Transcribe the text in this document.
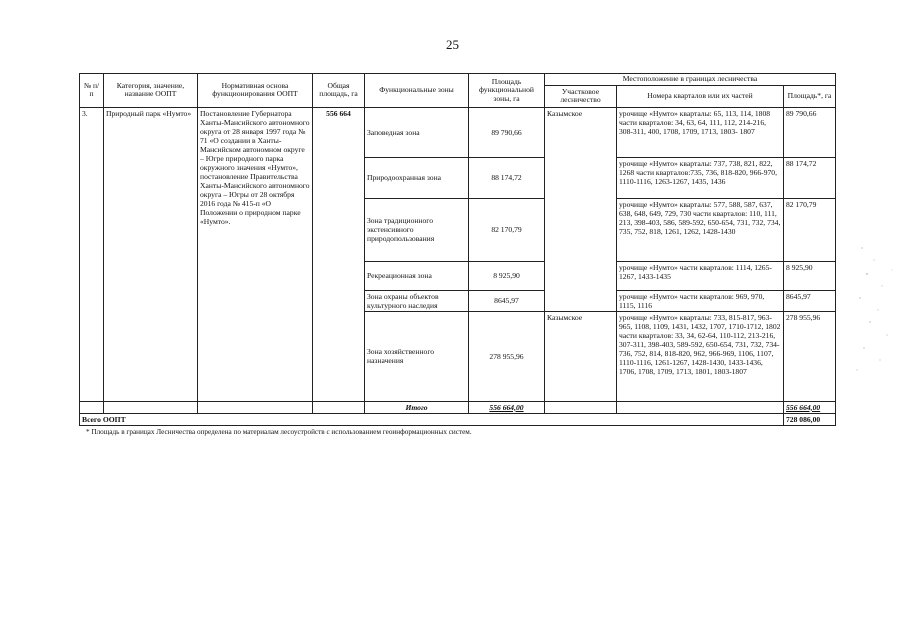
25
№ п/п	Категория, значение, название ООПТ	Нормативная основа функционирования ООПТ	Общая площадь, га	Функциональные зоны	Площадь функциональной зоны, га	Местоположение в границах лесничества		
						Участковое лесничество	Номера кварталов или их частей	Площадь*, га
3.	Природный парк «Нумто»	Постановление Губернатора Ханты-Мансийского автономного округа от 28 января 1997 года № 71 «О создании в Ханты-Мансийском автономном округе – Югре природного парка окружного значения «Нумто», постановление Правительства Ханты-Мансийского автономного округа – Югры от 28 октября 2016 года № 415-п «О Положении о природном парке «Нумто».	556 664	Заповедная зона	89 790,66	Казымское	урочище «Нумто» кварталы: 65, 113, 114, 1808 части кварталов: 34, 63, 64, 111, 112, 214-216, 308-311, 400, 1708, 1709, 1713, 1803- 1807	89 790,66
				Природоохранная зона	88 174,72		урочище «Нумто» кварталы: 737, 738, 821, 822, 1268 части кварталов:735, 736, 818-820, 966-970, 1110-1116, 1263-1267, 1435, 1436	88 174,72
				Зона традиционного экстенсивного природопользования	82 170,79		урочище «Нумто» кварталы: 577, 588, 587, 637, 638, 648, 649, 729, 730 части кварталов: 110, 111, 213, 398-403, 586, 589-592, 650-654, 731, 732, 734, 735, 752, 818, 1261, 1262, 1428-1430	82 170,79
				Рекреационная зона	8 925,90		урочище «Нумто» части кварталов: 1114, 1265-1267, 1433-1435	8 925,90
				Зона охраны объектов культурного наследия	8645,97		урочище «Нумто» части кварталов: 969, 970, 1115, 1116	8645,97
				Зона хозяйственного назначения	278 955,96	Казымское	урочище «Нумто» кварталы: 733, 815-817, 963-965, 1108, 1109, 1431, 1432, 1707, 1710-1712, 1802 части кварталов: 33, 34, 62-64, 110-112, 213-216, 307-311, 398-403, 589-592, 650-654, 731, 732, 734-736, 752, 814, 818-820, 962, 966-969, 1106, 1107, 1110-1116, 1261-1267, 1428-1430, 1433-1436, 1706, 1708, 1709, 1713, 1801, 1803-1807	278 955,96
				Итого	556 664,00			556 664,00
Всего ООПТ								728 086,00
* Площадь в границах Лесничества определена по материалам лесоустройств с использованием геоинформационных систем.
